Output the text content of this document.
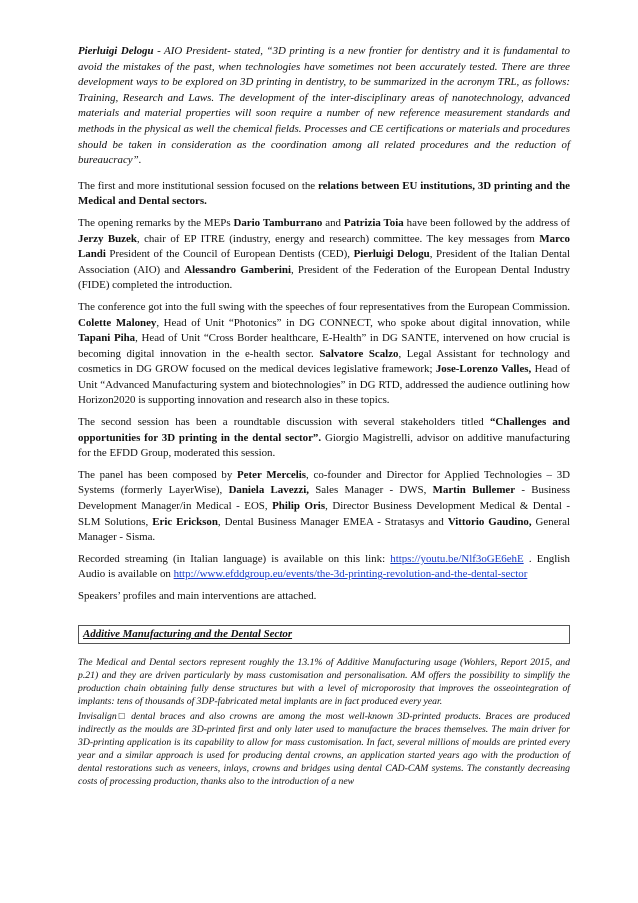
Pierluigi Delogu - AIO President- stated, “3D printing is a new frontier for dentistry and it is fundamental to avoid the mistakes of the past, when technologies have sometimes not been accurately tested. There are three development ways to be explored on 3D printing in dentistry, to be summarized in the acronym TRL, as follows: Training, Research and Laws. The development of the inter-disciplinary areas of nanotechnology, advanced materials and material properties will soon require a number of new reference measurement standards and methods in the physical as well the chemical fields. Processes and CE certifications or materials and procedures should be taken in consideration as the coordination among all related procedures and the reduction of bureaucracy”.

The first and more institutional session focused on the relations between EU institutions, 3D printing and the Medical and Dental sectors.

The opening remarks by the MEPs Dario Tamburrano and Patrizia Toia have been followed by the address of Jerzy Buzek, chair of EP ITRE (industry, energy and research) committee. The key messages from Marco Landi President of the Council of European Dentists (CED), Pierluigi Delogu, President of the Italian Dental Association (AIO) and Alessandro Gamberini, President of the Federation of the European Dental Industry (FIDE) completed the introduction.

The conference got into the full swing with the speeches of four representatives from the European Commission. Colette Maloney, Head of Unit “Photonics” in DG CONNECT, who spoke about digital innovation, while Tapani Piha, Head of Unit “Cross Border healthcare, E-Health” in DG SANTE, intervened on how crucial is becoming digital innovation in the e-health sector. Salvatore Scalzo, Legal Assistant for technology and cosmetics in DG GROW focused on the medical devices legislative framework; Jose-Lorenzo Valles, Head of Unit “Advanced Manufacturing system and biotechnologies” in DG RTD, addressed the audience outlining how Horizon2020 is supporting innovation and research also in these topics.

The second session has been a roundtable discussion with several stakeholders titled “Challenges and opportunities for 3D printing in the dental sector”. Giorgio Magistrelli, advisor on additive manufacturing for the EFDD Group, moderated this session.

The panel has been composed by Peter Mercelis, co-founder and Director for Applied Technologies – 3D Systems (formerly LayerWise), Daniela Lavezzi, Sales Manager - DWS, Martin Bullemer - Business Development Manager/in Medical - EOS, Philip Oris, Director Business Development Medical & Dental - SLM Solutions, Eric Erickson, Dental Business Manager EMEA - Stratasys and Vittorio Gaudino, General Manager - Sisma.

Recorded streaming (in Italian language) is available on this link: https://youtu.be/Nlf3oGE6ehE . English Audio is available on http://www.efddgroup.eu/events/the-3d-printing-revolution-and-the-dental-sector

Speakers’ profiles and main interventions are attached.

Additive Manufacturing and the Dental Sector

The Medical and Dental sectors represent roughly the 13.1% of Additive Manufacturing usage (Wohlers, Report 2015, and p.21) and they are driven particularly by mass customisation and personalisation. AM offers the possibility to simplify the production chain obtaining fully dense structures but with a level of microporosity that improves the osseointegration of implants: tens of thousands of 3DP-fabricated metal implants are in fact produced every year.

Invisalign□ dental braces and also crowns are among the most well-known 3D-printed products. Braces are produced indirectly as the moulds are 3D-printed first and only later used to manufacture the braces themselves. The main driver for 3D-printing application is its capability to allow for mass customisation. In fact, several millions of moulds are printed every year and a similar approach is used for producing dental crowns, an application started years ago with the production of dental restorations such as veneers, inlays, crowns and bridges using dental CAD-CAM systems. The constantly decreasing costs of processing production, thanks also to the introduction of a new
